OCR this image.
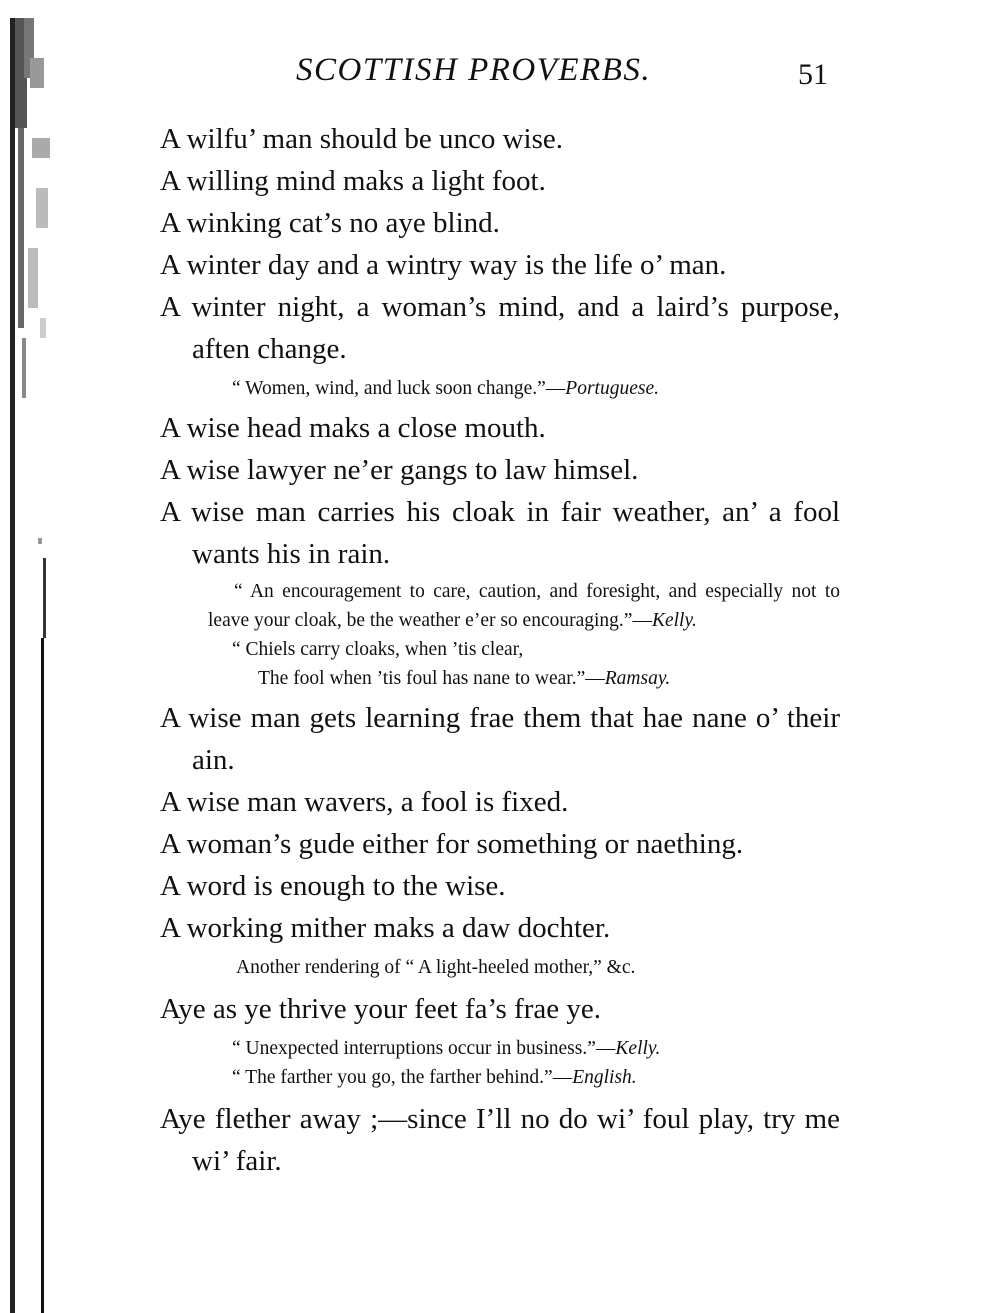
SCOTTISH PROVERBS.	51

A wilfu’ man should be unco wise.

A willing mind maks a light foot.

A winking cat’s no aye blind.

A winter day and a wintry way is the life o’ man.

A winter night, a woman’s mind, and a laird’s purpose, aften change.

“ Women, wind, and luck soon change.”—Portuguese.

A wise head maks a close mouth.

A wise lawyer ne’er gangs to law himsel.

A wise man carries his cloak in fair weather, an’ a fool wants his in rain.

“ An encouragement to care, caution, and foresight, and especially not to leave your cloak, be the weather e’er so encouraging.”—Kelly.

“ Chiels carry cloaks, when ’tis clear,

The fool when ’tis foul has nane to wear.”—Ramsay.

A wise man gets learning frae them that hae nane o’ their ain.

A wise man wavers, a fool is fixed.

A woman’s gude either for something or naething.

A word is enough to the wise.

A working mither maks a daw dochter.

Another rendering of “ A light-heeled mother,” &c.

Aye as ye thrive your feet fa’s frae ye.

“ Unexpected interruptions occur in business.”—Kelly.

“ The farther you go, the farther behind.”—English.

Aye flether away ;—since I’ll no do wi’ foul play, try me wi’ fair.
